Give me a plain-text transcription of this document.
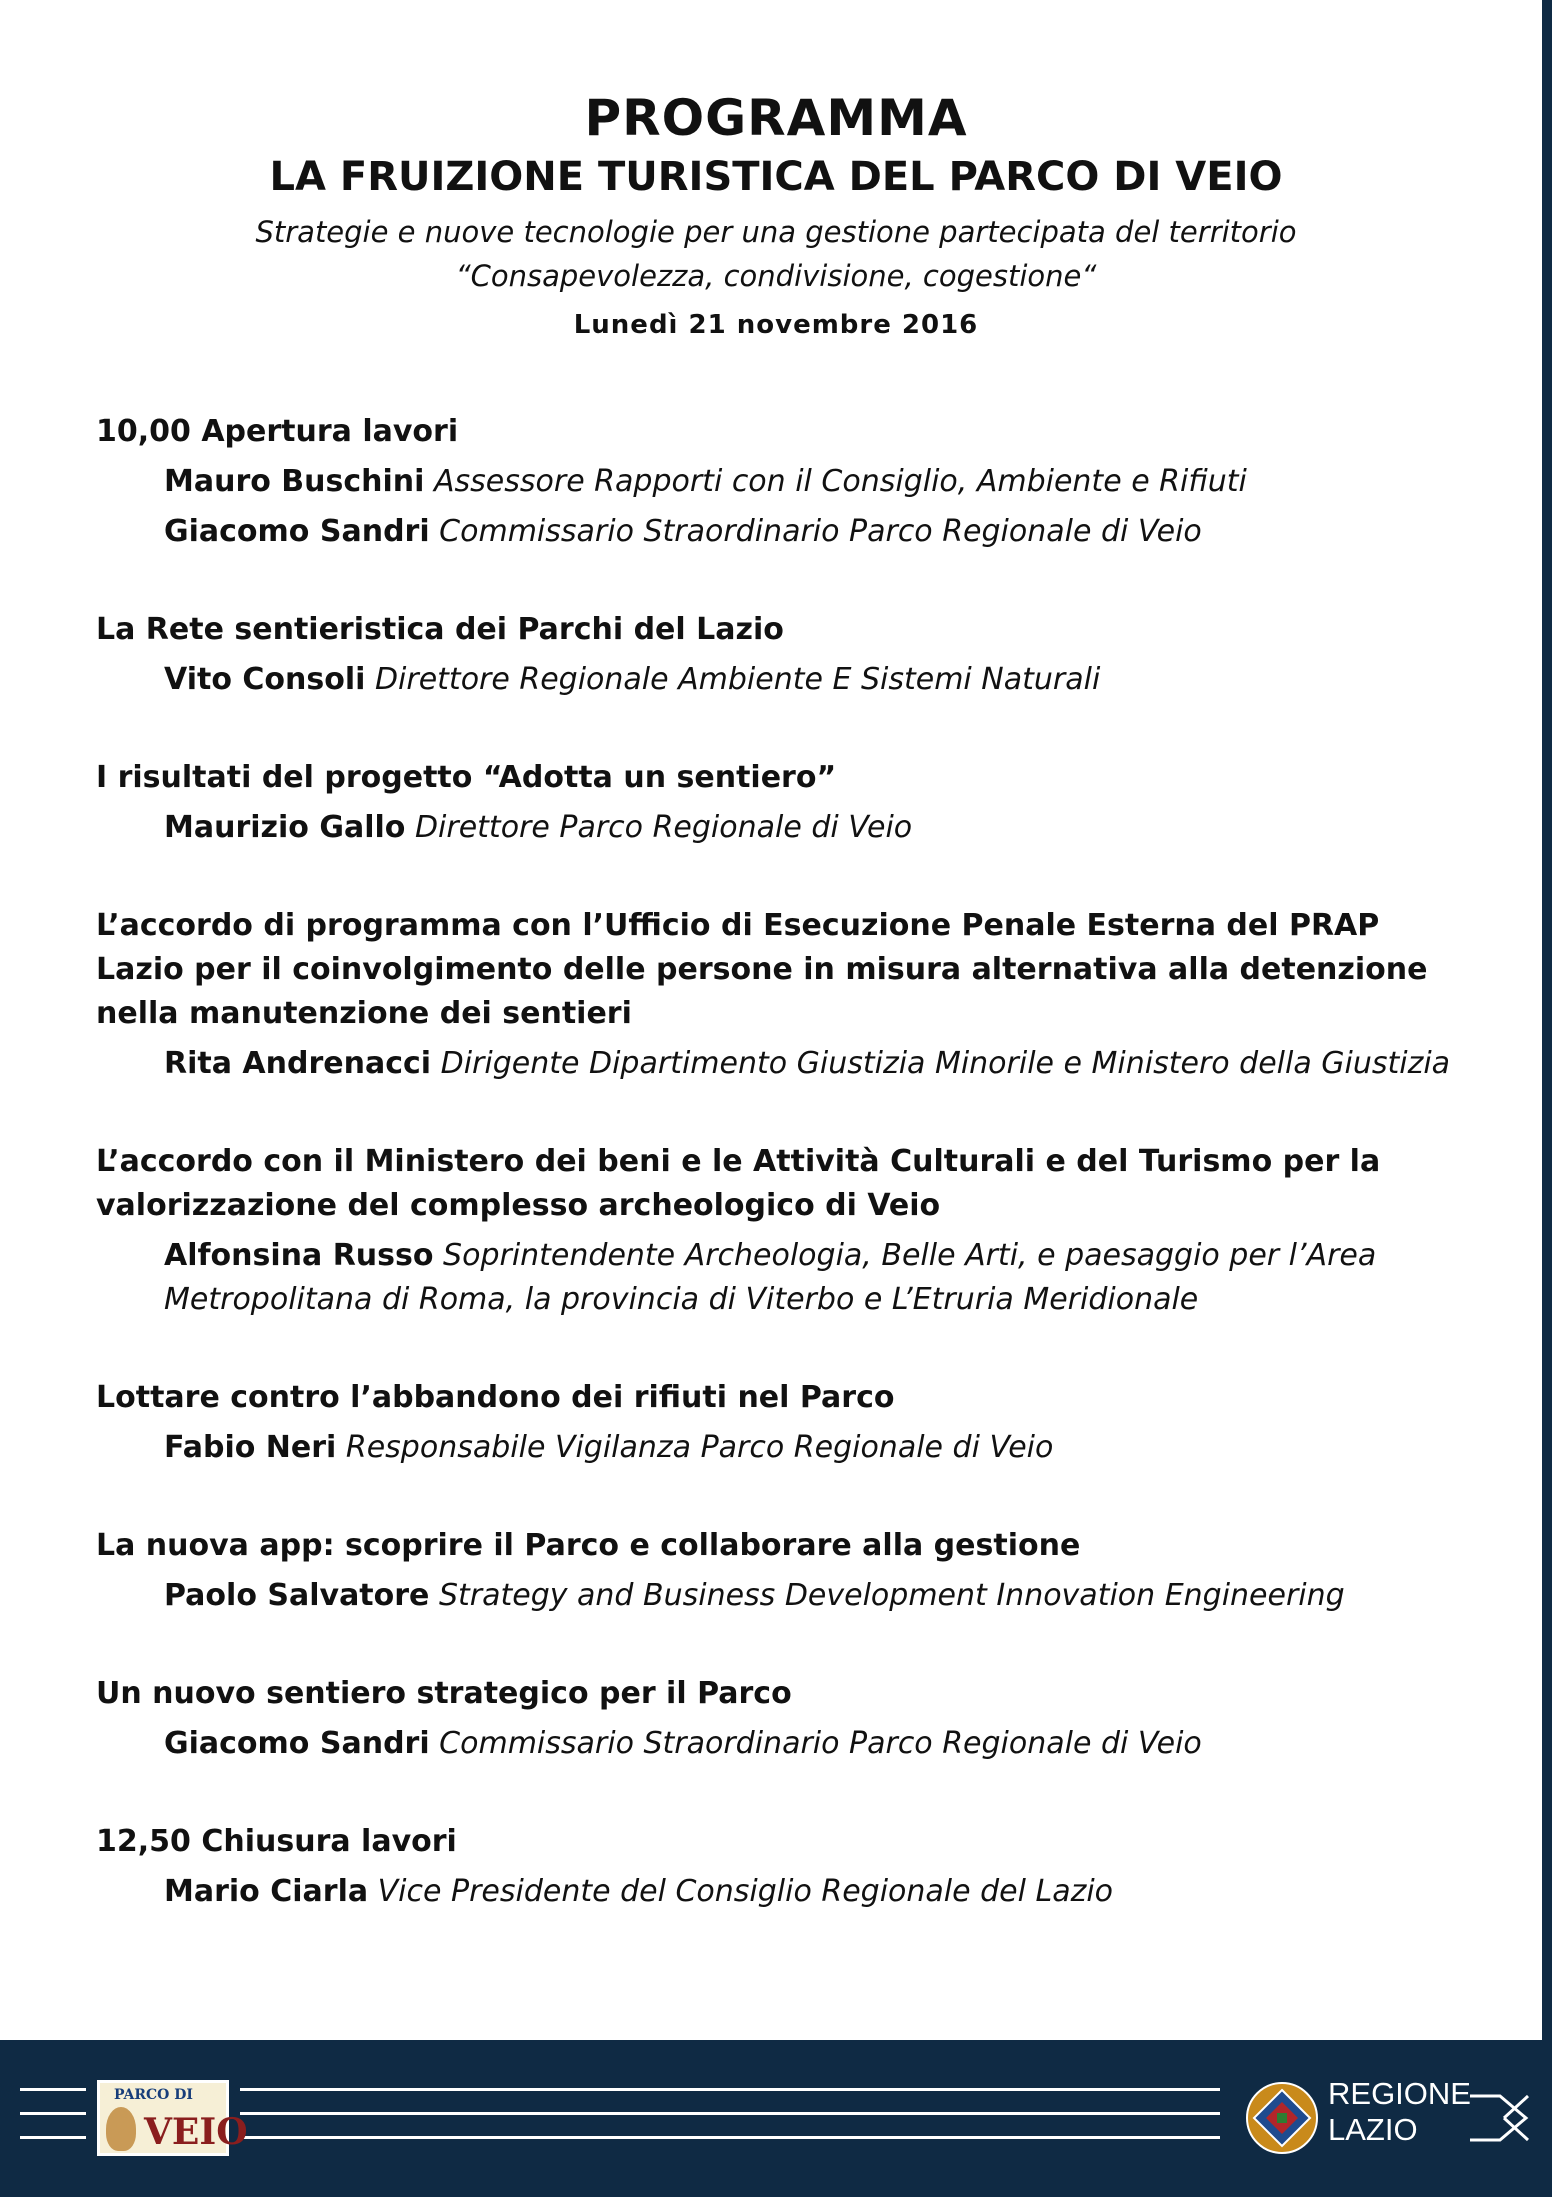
PROGRAMMA
LA FRUIZIONE TURISTICA DEL PARCO DI VEIO
Strategie e nuove tecnologie per una gestione partecipata del territorio
“Consapevolezza, condivisione, cogestione“
Lunedì 21 novembre 2016
10,00 Apertura lavori
Mauro Buschini Assessore Rapporti con il Consiglio, Ambiente e Rifiuti
Giacomo Sandri Commissario Straordinario Parco Regionale di Veio
La Rete sentieristica dei Parchi del Lazio
Vito Consoli Direttore Regionale Ambiente E Sistemi Naturali
I risultati del progetto “Adotta un sentiero”
Maurizio Gallo Direttore Parco Regionale di Veio
L’accordo di programma con l’Ufficio di Esecuzione Penale Esterna del PRAP Lazio per il coinvolgimento delle persone in misura alternativa alla detenzione nella manutenzione dei sentieri
Rita Andrenacci Dirigente Dipartimento Giustizia Minorile e Ministero della Giustizia
L’accordo con il Ministero dei beni e le Attività Culturali e del Turismo per la valorizzazione del complesso archeologico di Veio
Alfonsina Russo Soprintendente Archeologia, Belle Arti, e paesaggio per l’Area Metropolitana di Roma, la provincia di Viterbo e L’Etruria Meridionale
Lottare contro l’abbandono dei rifiuti nel Parco
Fabio Neri Responsabile Vigilanza Parco Regionale di Veio
La nuova app: scoprire il Parco e collaborare alla gestione
Paolo Salvatore Strategy and Business Development Innovation Engineering
Un nuovo sentiero strategico per il Parco
Giacomo Sandri Commissario Straordinario Parco Regionale di Veio
12,50 Chiusura lavori
Mario Ciarla Vice Presidente del Consiglio Regionale del Lazio
PARCO DI
VEIO
REGIONE
LAZIO
